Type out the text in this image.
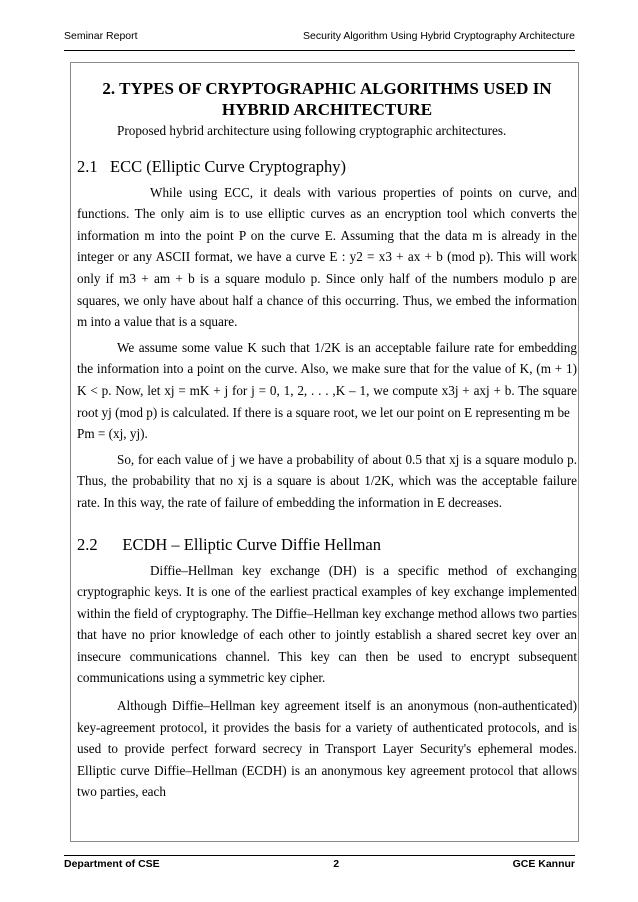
Seminar Report	Security Algorithm Using Hybrid Cryptography Architecture
2. TYPES OF CRYPTOGRAPHIC ALGORITHMS USED IN
HYBRID ARCHITECTURE

Proposed hybrid architecture using following cryptographic architectures.

2.1   ECC (Elliptic Curve Cryptography)

While using ECC, it deals with various properties of points on curve, and functions. The only aim is to use elliptic curves as an encryption tool which converts the information m into the point P on the curve E. Assuming that the data m is already in the integer or any ASCII format, we have a curve E : y2 = x3 + ax + b (mod p). This will work only if m3 + am + b is a square modulo p. Since only half of the numbers modulo p are squares, we only have about half a chance of this occurring. Thus, we embed the information m into a value that is a square.

We assume some value K such that 1/2K is an acceptable failure rate for embedding the information into a point on the curve. Also, we make sure that for the value of K, (m + 1) K < p. Now, let xj = mK + j for j = 0, 1, 2, . . . ,K – 1, we compute x3j + axj + b. The square root yj (mod p) is calculated. If there is a square root, we let our point on E representing m be

Pm = (xj, yj).

So, for each value of j we have a probability of about 0.5 that xj is a square modulo p. Thus, the probability that no xj is a square is about 1/2K, which was the acceptable failure rate. In this way, the rate of failure of embedding the information in E decreases.

2.2      ECDH – Elliptic Curve Diffie Hellman

Diffie–Hellman key exchange (DH) is a specific method of exchanging cryptographic keys. It is one of the earliest practical examples of key exchange implemented within the field of cryptography. The Diffie–Hellman key exchange method allows two parties that have no prior knowledge of each other to jointly establish a shared secret key over an insecure communications channel. This key can then be used to encrypt subsequent communications using a symmetric key cipher.

Although Diffie–Hellman key agreement itself is an anonymous (non-authenticated) key-agreement protocol, it provides the basis for a variety of authenticated protocols, and is used to provide perfect forward secrecy in Transport Layer Security's ephemeral modes. Elliptic curve Diffie–Hellman (ECDH) is an anonymous key agreement protocol that allows two parties, each

Department of CSE	2	GCE Kannur
